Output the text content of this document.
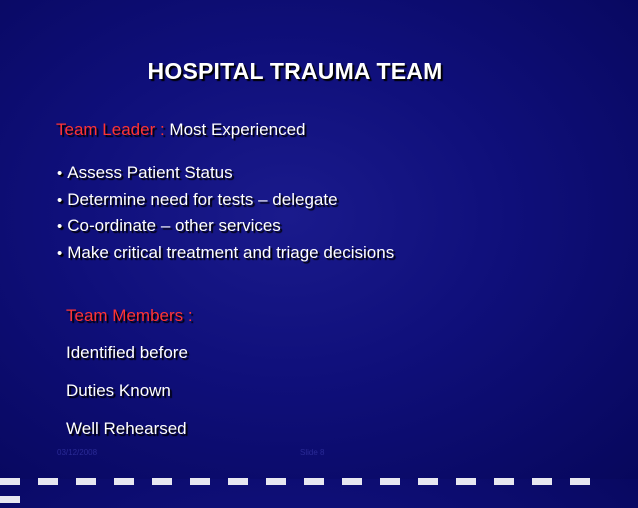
HOSPITAL TRAUMA TEAM
Team Leader : Most Experienced
• Assess Patient Status
• Determine need for tests – delegate
• Co-ordinate – other services
• Make critical treatment and triage decisions
Team Members :
Identified before
Duties Known
Well Rehearsed
03/12/2008	Slide 8
